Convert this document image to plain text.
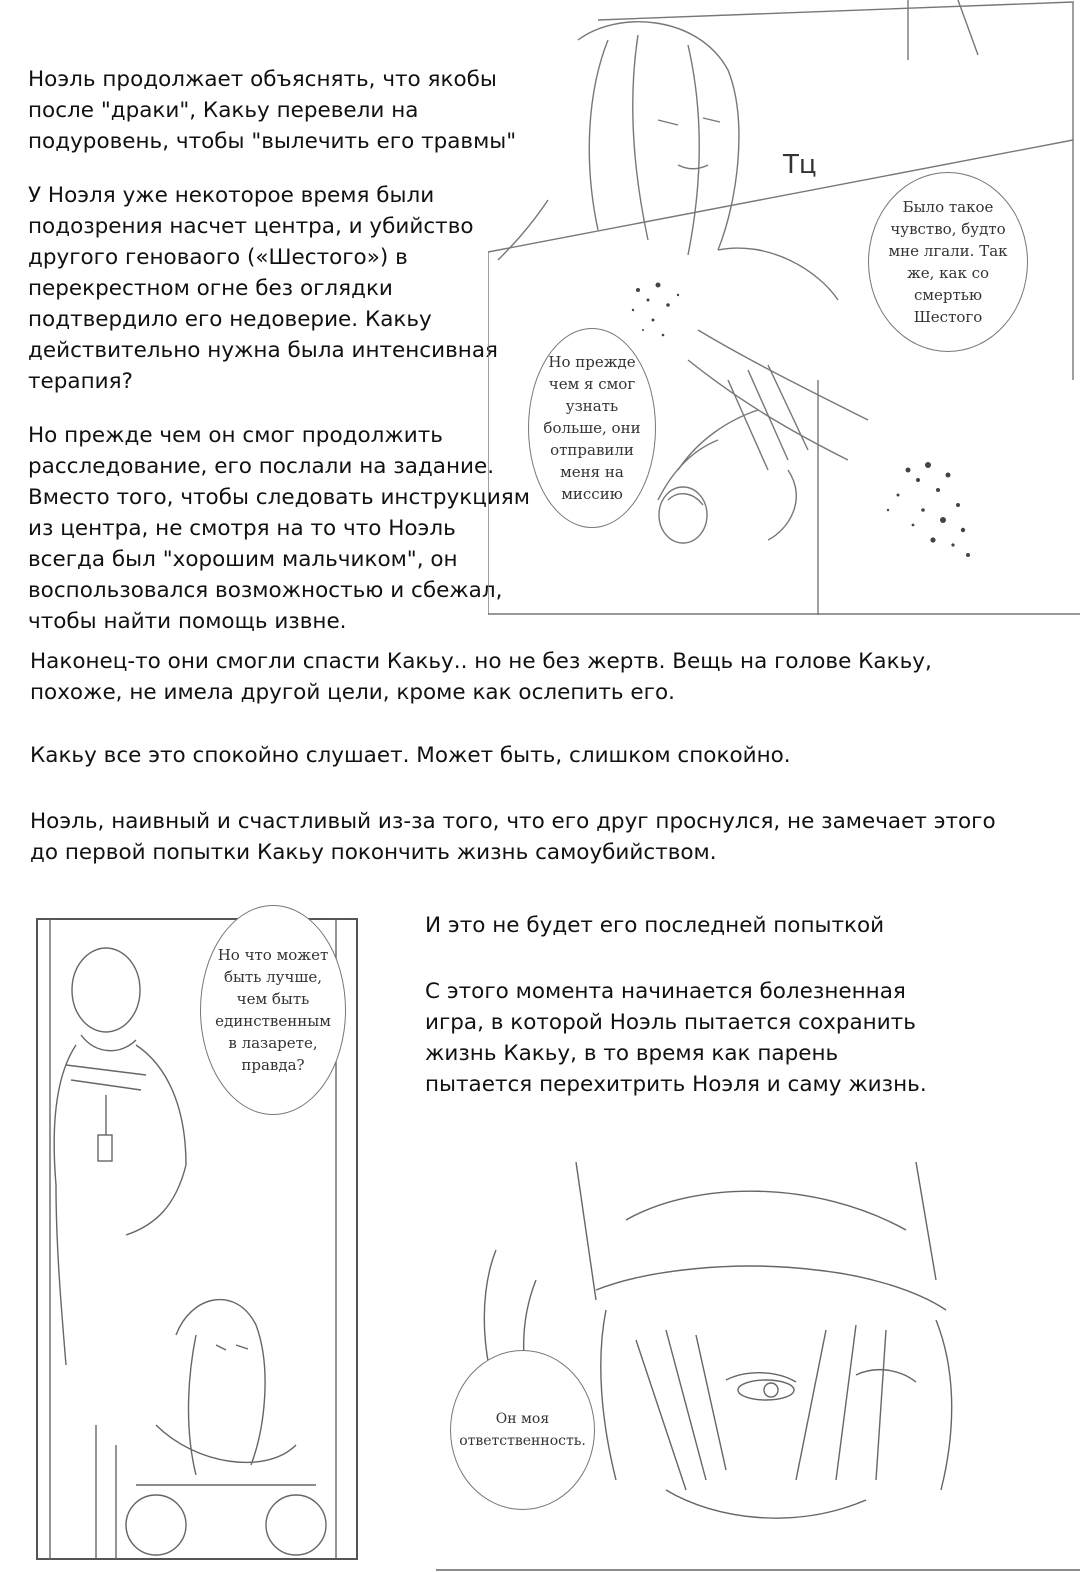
Ноэль продолжает объяснять, что якобы
после "драки", Какьу перевели на
подуровень, чтобы "вылечить его травмы"

У Ноэля уже некоторое время были
подозрения насчет центра, и убийство
другого геноваого («Шестого») в
перекрестном огне без оглядки
подтвердило его недоверие. Какьу
действительно нужна была интенсивная
терапия?

Но прежде чем он смог продолжить
расследование, его послали на задание.
Вместо того, чтобы следовать инструкциям
из центра, не смотря на то что Ноэль
всегда был "хорошим мальчиком", он
воспользовался возможностью и сбежал,
чтобы найти помощь извне.

Наконец-то они смогли спасти Какьу.. но не без жертв. Вещь на голове Какьу,
похоже, не имела другой цели, кроме как ослепить его.

Какьу все это спокойно слушает. Может быть, слишком спокойно.

Ноэль, наивный и счастливый из-за того, что его друг проснулся, не замечает этого
до первой попытки Какьу покончить жизнь самоубийством.

И это не будет его последней попыткой

С этого момента начинается болезненная
игра, в которой Ноэль пытается сохранить
жизнь Какьу, в то время как парень
пытается перехитрить Ноэля и саму жизнь.

Тц
Было такое
чувство, будто
мне лгали. Так
же, как со
смертью
Шестого
Но прежде
чем я смог
узнать
больше, они
отправили
меня на
миссию
Но что может
быть лучше,
чем быть
единственным
в лазарете,
правда?
Он моя
ответственность.
